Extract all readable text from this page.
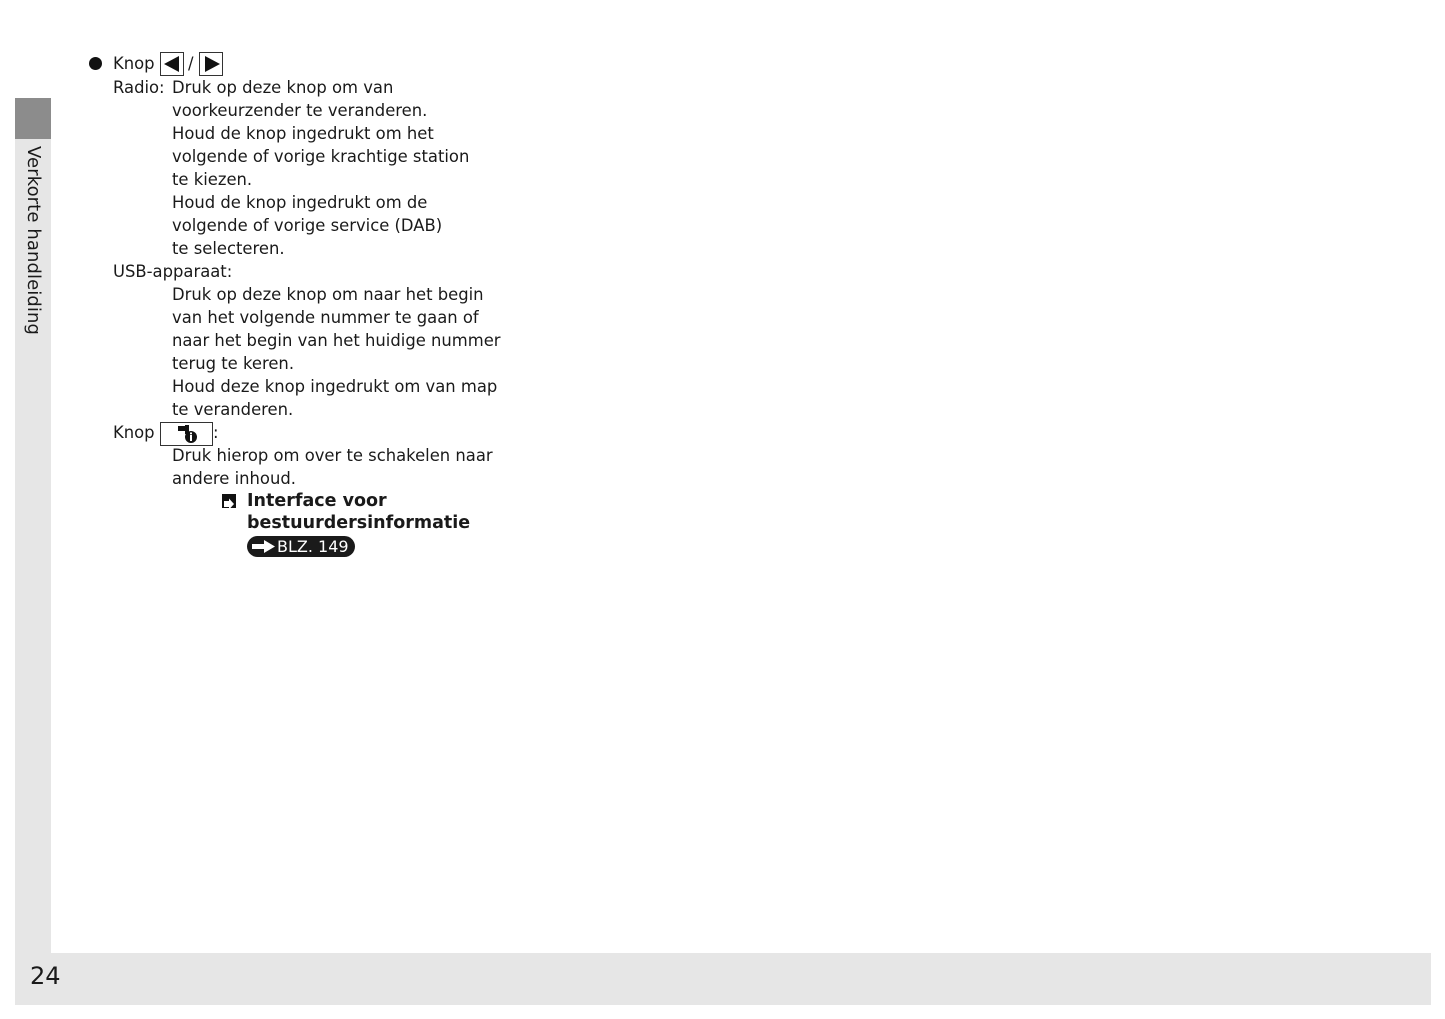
Verkorte handleiding
24
Knop /
Radio: Druk op deze knop om van
voorkeurzender te veranderen.
Houd de knop ingedrukt om het
volgende of vorige krachtige station
te kiezen.
Houd de knop ingedrukt om de
volgende of vorige service (DAB)
te selecteren.
USB-apparaat:
Druk op deze knop om naar het begin
van het volgende nummer te gaan of
naar het begin van het huidige nummer
terug te keren.
Houd deze knop ingedrukt om van map
te veranderen.
Knop	:
Druk hierop om over te schakelen naar
andere inhoud.
Interface voor
bestuurdersinformatie
BLZ. 149
